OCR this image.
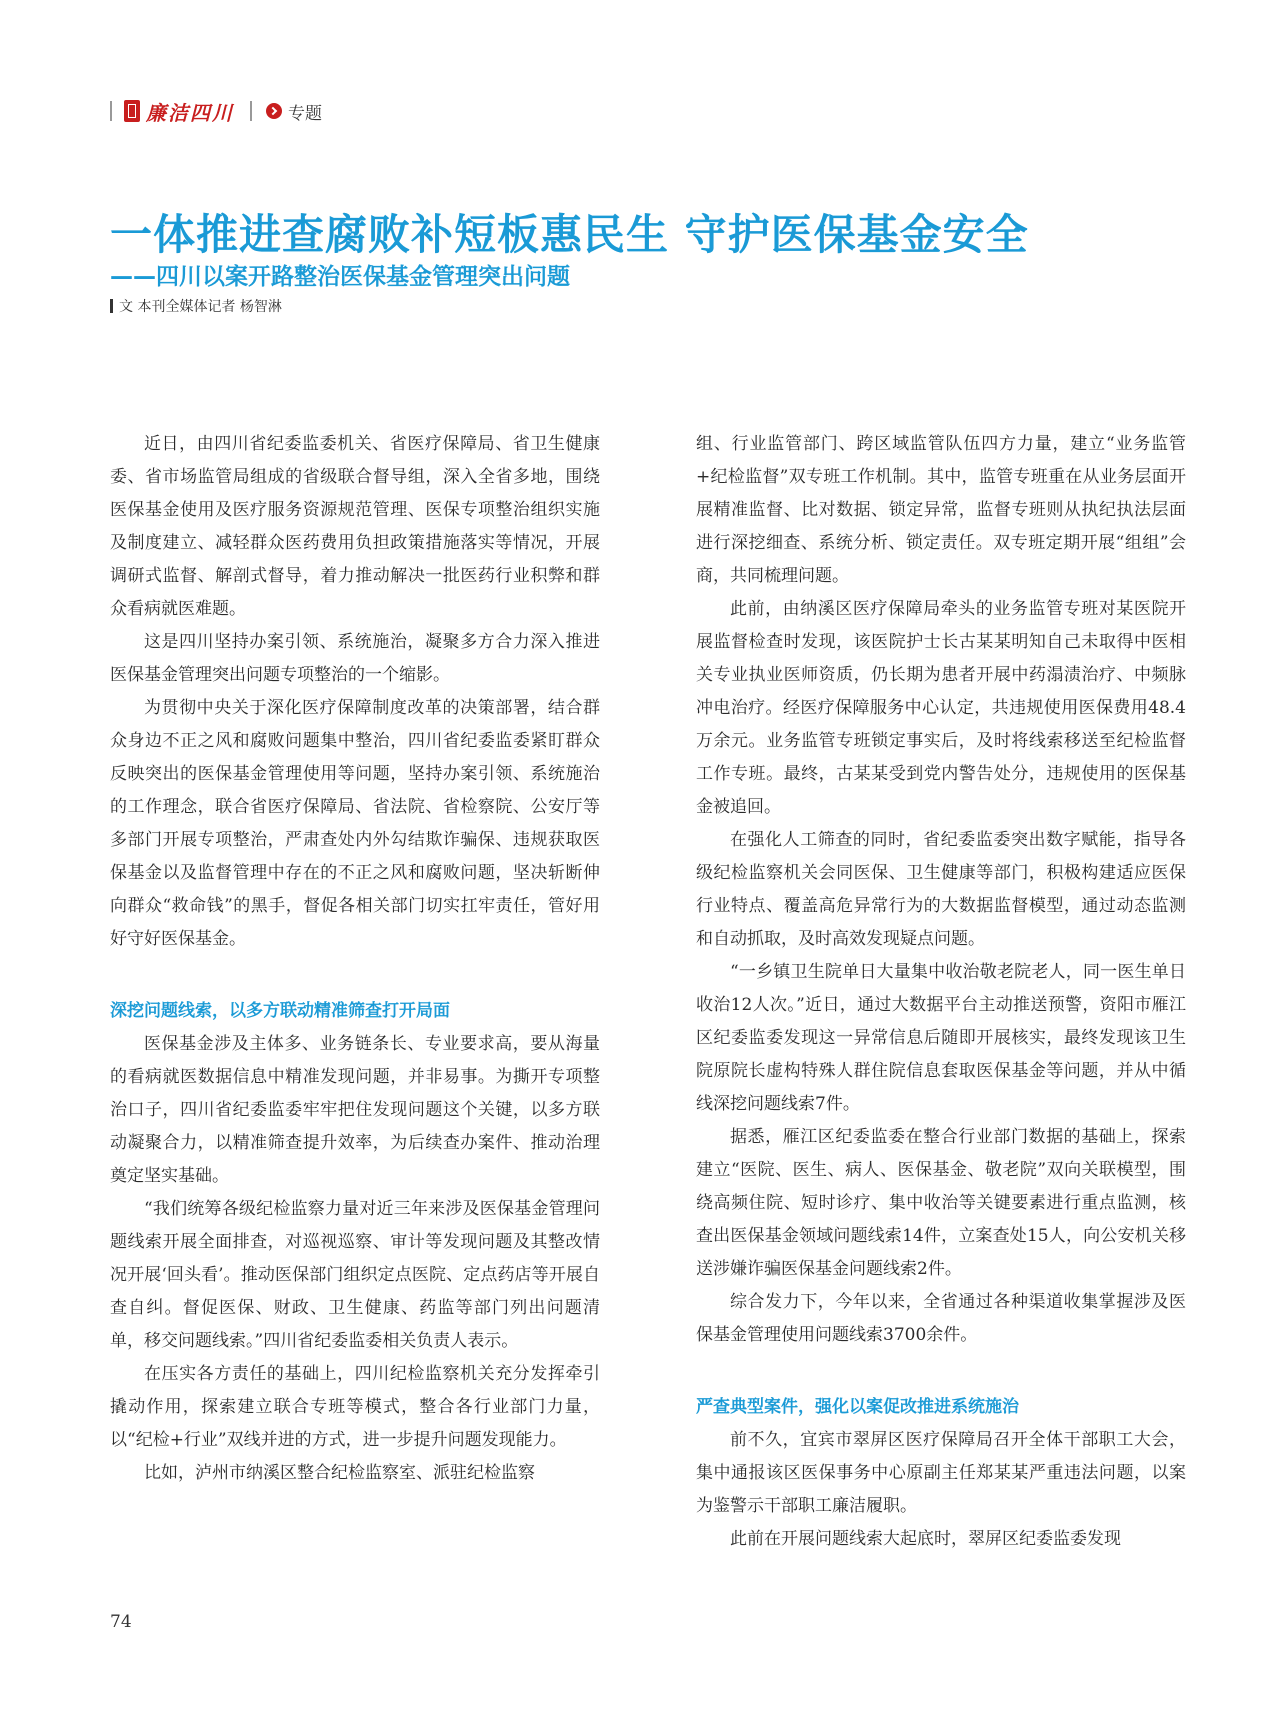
廉洁四川	专题
一体推进查腐败补短板惠民生 守护医保基金安全
——四川以案开路整治医保基金管理突出问题
文 本刊全媒体记者 杨智淋

近日，由四川省纪委监委机关、省医疗保障局、省卫生健康委、省市场监管局组成的省级联合督导组，深入全省多地，围绕医保基金使用及医疗服务资源规范管理、医保专项整治组织实施及制度建立、减轻群众医药费用负担政策措施落实等情况，开展调研式监督、解剖式督导，着力推动解决一批医药行业积弊和群众看病就医难题。

这是四川坚持办案引领、系统施治，凝聚多方合力深入推进医保基金管理突出问题专项整治的一个缩影。

为贯彻中央关于深化医疗保障制度改革的决策部署，结合群众身边不正之风和腐败问题集中整治，四川省纪委监委紧盯群众反映突出的医保基金管理使用等问题，坚持办案引领、系统施治的工作理念，联合省医疗保障局、省法院、省检察院、公安厅等多部门开展专项整治，严肃查处内外勾结欺诈骗保、违规获取医保基金以及监督管理中存在的不正之风和腐败问题，坚决斩断伸向群众“救命钱”的黑手，督促各相关部门切实扛牢责任，管好用好守好医保基金。

深挖问题线索，以多方联动精准筛查打开局面

医保基金涉及主体多、业务链条长、专业要求高，要从海量的看病就医数据信息中精准发现问题，并非易事。为撕开专项整治口子，四川省纪委监委牢牢把住发现问题这个关键，以多方联动凝聚合力，以精准筛查提升效率，为后续查办案件、推动治理奠定坚实基础。

“我们统筹各级纪检监察力量对近三年来涉及医保基金管理问题线索开展全面排查，对巡视巡察、审计等发现问题及其整改情况开展‘回头看’。推动医保部门组织定点医院、定点药店等开展自查自纠。督促医保、财政、卫生健康、药监等部门列出问题清单，移交问题线索。”四川省纪委监委相关负责人表示。

在压实各方责任的基础上，四川纪检监察机关充分发挥牵引撬动作用，探索建立联合专班等模式，整合各行业部门力量，以“纪检+行业”双线并进的方式，进一步提升问题发现能力。

比如，泸州市纳溪区整合纪检监察室、派驻纪检监察

组、行业监管部门、跨区域监管队伍四方力量，建立“业务监管+纪检监督”双专班工作机制。其中，监管专班重在从业务层面开展精准监督、比对数据、锁定异常，监督专班则从执纪执法层面进行深挖细查、系统分析、锁定责任。双专班定期开展“组组”会商，共同梳理问题。

此前，由纳溪区医疗保障局牵头的业务监管专班对某医院开展监督检查时发现，该医院护士长古某某明知自己未取得中医相关专业执业医师资质，仍长期为患者开展中药溻渍治疗、中频脉冲电治疗。经医疗保障服务中心认定，共违规使用医保费用48.4万余元。业务监管专班锁定事实后，及时将线索移送至纪检监督工作专班。最终，古某某受到党内警告处分，违规使用的医保基金被追回。

在强化人工筛查的同时，省纪委监委突出数字赋能，指导各级纪检监察机关会同医保、卫生健康等部门，积极构建适应医保行业特点、覆盖高危异常行为的大数据监督模型，通过动态监测和自动抓取，及时高效发现疑点问题。

“一乡镇卫生院单日大量集中收治敬老院老人，同一医生单日收治12人次。”近日，通过大数据平台主动推送预警，资阳市雁江区纪委监委发现这一异常信息后随即开展核实，最终发现该卫生院原院长虚构特殊人群住院信息套取医保基金等问题，并从中循线深挖问题线索7件。

据悉，雁江区纪委监委在整合行业部门数据的基础上，探索建立“医院、医生、病人、医保基金、敬老院”双向关联模型，围绕高频住院、短时诊疗、集中收治等关键要素进行重点监测，核查出医保基金领域问题线索14件，立案查处15人，向公安机关移送涉嫌诈骗医保基金问题线索2件。

综合发力下，今年以来，全省通过各种渠道收集掌握涉及医保基金管理使用问题线索3700余件。

严查典型案件，强化以案促改推进系统施治

前不久，宜宾市翠屏区医疗保障局召开全体干部职工大会，集中通报该区医保事务中心原副主任郑某某严重违法问题，以案为鉴警示干部职工廉洁履职。

此前在开展问题线索大起底时，翠屏区纪委监委发现

74
